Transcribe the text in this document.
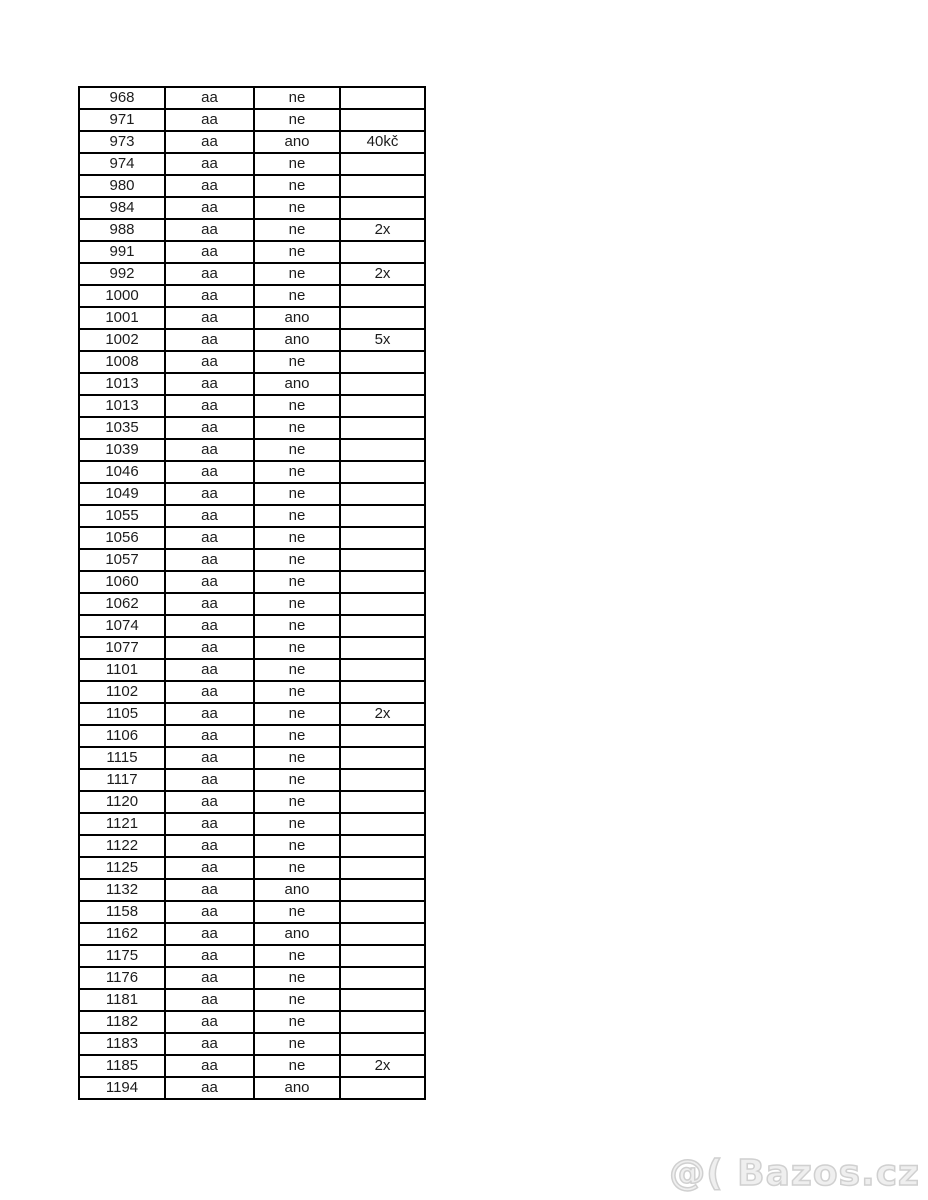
968	aa	ne	
971	aa	ne	
973	aa	ano	40kč
974	aa	ne	
980	aa	ne	
984	aa	ne	
988	aa	ne	2x
991	aa	ne	
992	aa	ne	2x
1000	aa	ne	
1001	aa	ano	
1002	aa	ano	5x
1008	aa	ne	
1013	aa	ano	
1013	aa	ne	
1035	aa	ne	
1039	aa	ne	
1046	aa	ne	
1049	aa	ne	
1055	aa	ne	
1056	aa	ne	
1057	aa	ne	
1060	aa	ne	
1062	aa	ne	
1074	aa	ne	
1077	aa	ne	
1101	aa	ne	
1102	aa	ne	
1105	aa	ne	2x
1106	aa	ne	
1115	aa	ne	
1117	aa	ne	
1120	aa	ne	
1121	aa	ne	
1122	aa	ne	
1125	aa	ne	
1132	aa	ano	
1158	aa	ne	
1162	aa	ano	
1175	aa	ne	
1176	aa	ne	
1181	aa	ne	
1182	aa	ne	
1183	aa	ne	
1185	aa	ne	2x
1194	aa	ano	
@( Bazos.cz
